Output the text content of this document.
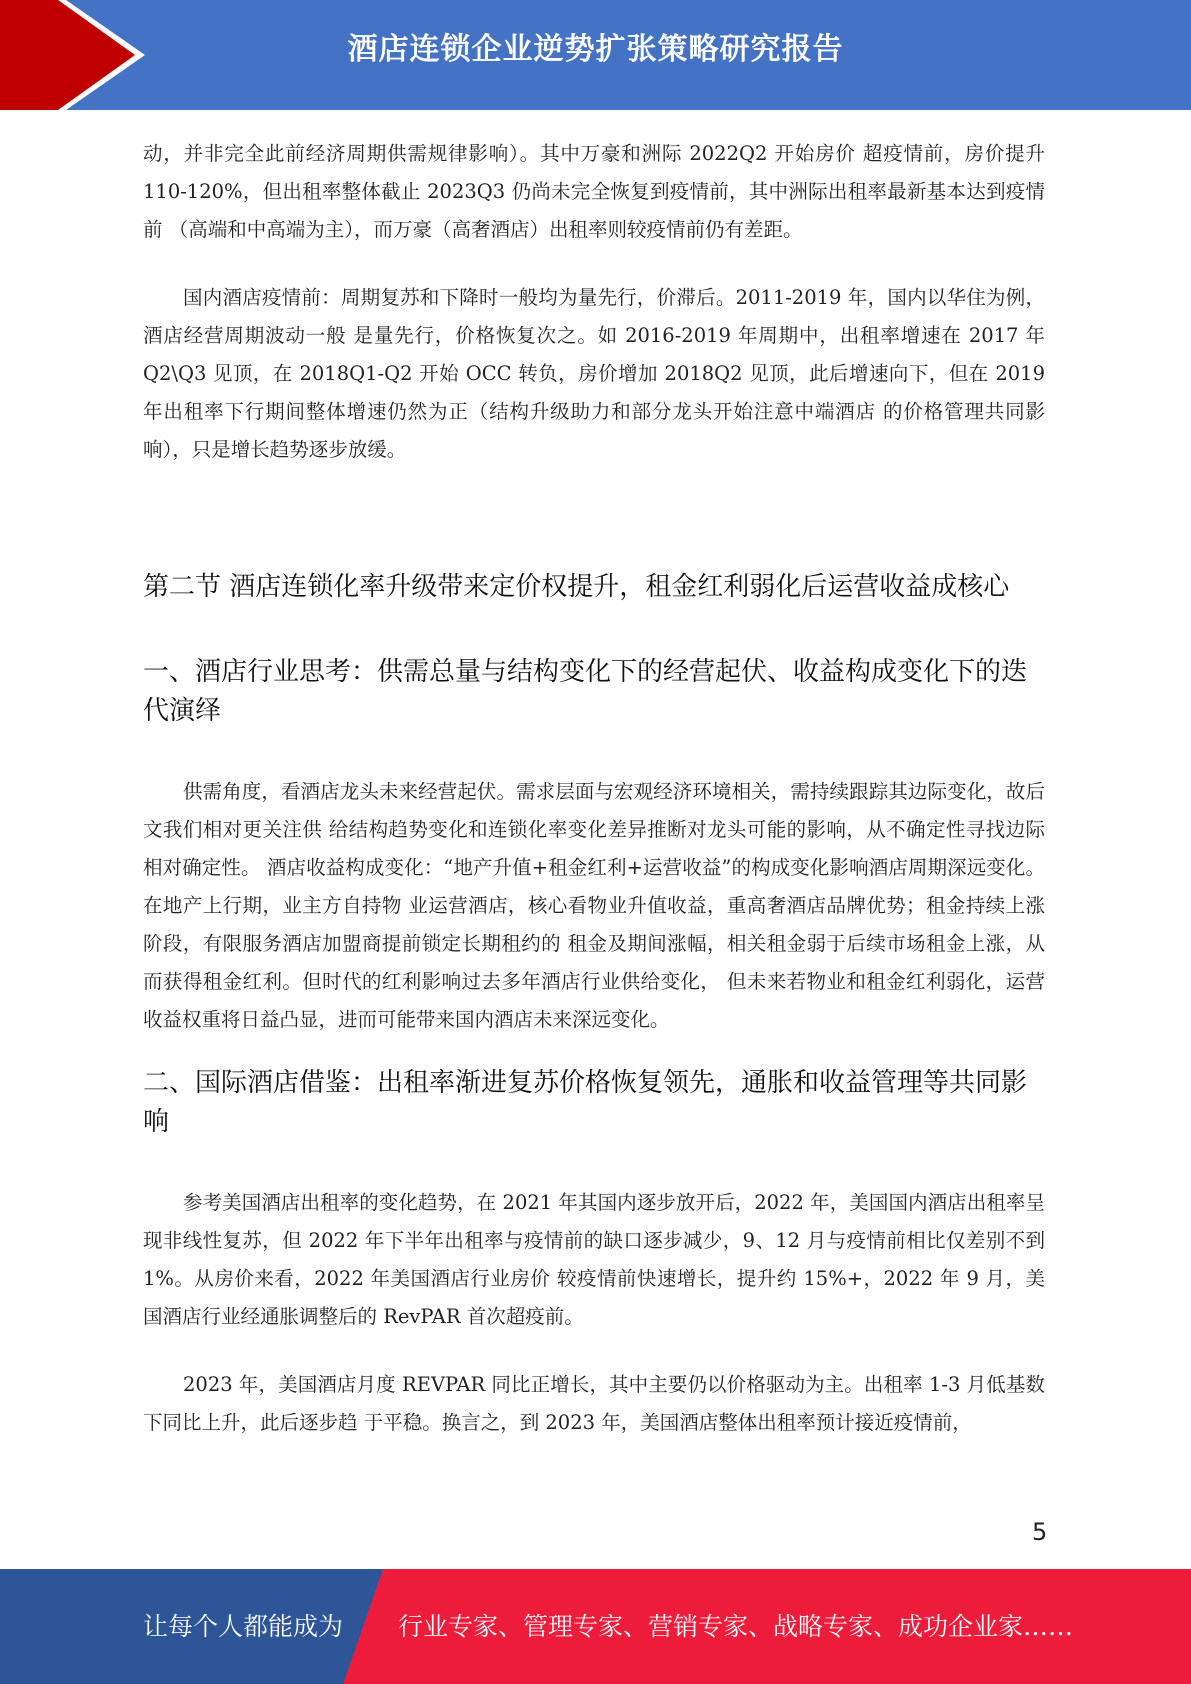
酒店连锁企业逆势扩张策略研究报告

动，并非完全此前经济周期供需规律影响）。其中万豪和洲际 2022Q2 开始房价 超疫情前，房价提升 110-120%，但出租率整体截止 2023Q3 仍尚未完全恢复到疫情前，其中洲际出租率最新基本达到疫情前 （高端和中高端为主），而万豪（高奢酒店）出租率则较疫情前仍有差距。

国内酒店疫情前：周期复苏和下降时一般均为量先行，价滞后。2011-2019 年，国内以华住为例，酒店经营周期波动一般 是量先行，价格恢复次之。如 2016-2019 年周期中，出租率增速在 2017 年 Q2\Q3 见顶，在 2018Q1-Q2 开始 OCC 转负，房价增加 2018Q2 见顶，此后增速向下，但在 2019 年出租率下行期间整体增速仍然为正（结构升级助力和部分龙头开始注意中端酒店 的价格管理共同影响），只是增长趋势逐步放缓。

第二节 酒店连锁化率升级带来定价权提升，租金红利弱化后运营收益成核心
一、酒店行业思考：供需总量与结构变化下的经营起伏、收益构成变化下的迭代演绎

供需角度，看酒店龙头未来经营起伏。需求层面与宏观经济环境相关，需持续跟踪其边际变化，故后文我们相对更关注供 给结构趋势变化和连锁化率变化差异推断对龙头可能的影响，从不确定性寻找边际相对确定性。 酒店收益构成变化：“地产升值+租金红利+运营收益”的构成变化影响酒店周期深远变化。在地产上行期，业主方自持物 业运营酒店，核心看物业升值收益，重高奢酒店品牌优势；租金持续上涨阶段，有限服务酒店加盟商提前锁定长期租约的 租金及期间涨幅，相关租金弱于后续市场租金上涨，从而获得租金红利。但时代的红利影响过去多年酒店行业供给变化， 但未来若物业和租金红利弱化，运营收益权重将日益凸显，进而可能带来国内酒店未来深远变化。

二、国际酒店借鉴：出租率渐进复苏价格恢复领先，通胀和收益管理等共同影响

参考美国酒店出租率的变化趋势，在 2021 年其国内逐步放开后，2022 年，美国国内酒店出租率呈现非线性复苏，但 2022 年下半年出租率与疫情前的缺口逐步减少，9、12 月与疫情前相比仅差别不到 1%。从房价来看，2022 年美国酒店行业房价 较疫情前快速增长，提升约 15%+，2022 年 9 月，美国酒店行业经通胀调整后的 RevPAR 首次超疫前。

2023 年，美国酒店月度 REVPAR 同比正增长，其中主要仍以价格驱动为主。出租率 1-3 月低基数下同比上升，此后逐步趋 于平稳。换言之，到 2023 年，美国酒店整体出租率预计接近疫情前，

5
让每个人都能成为 行业专家、管理专家、营销专家、战略专家、成功企业家……
